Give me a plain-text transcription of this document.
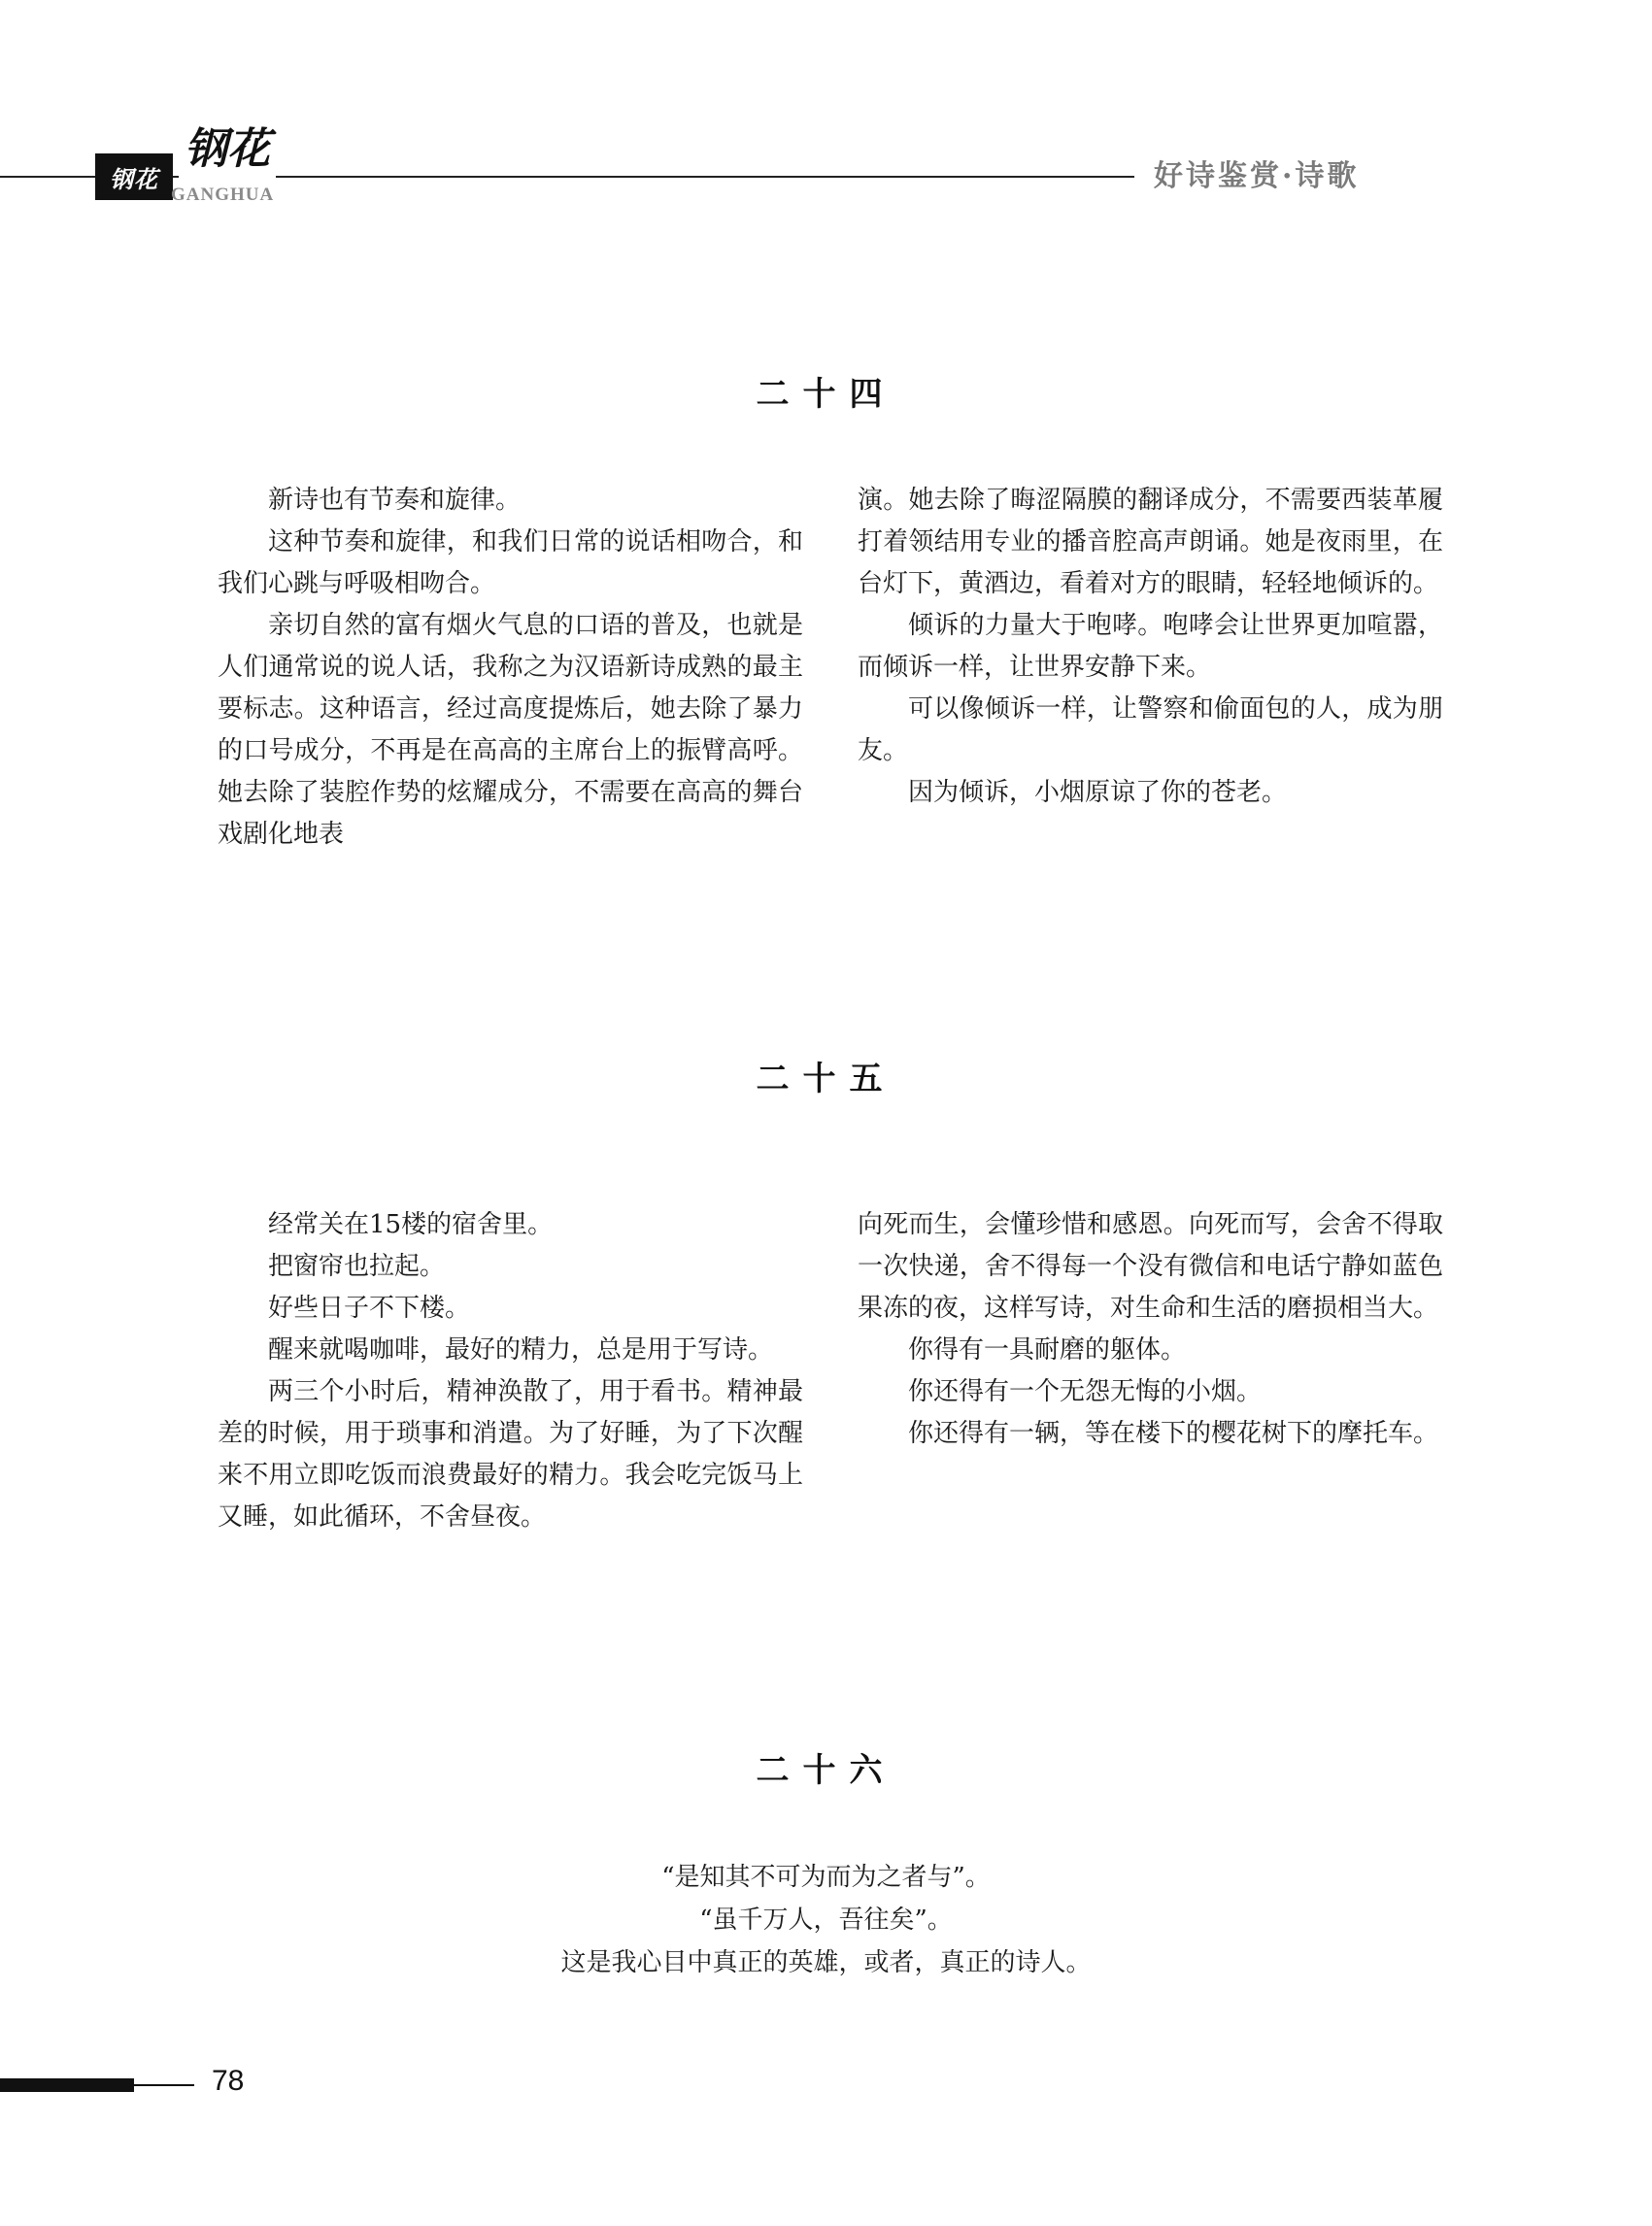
钢花
钢花
GANGHUA
好诗鉴赏·诗歌
二十四

新诗也有节奏和旋律。

这种节奏和旋律，和我们日常的说话相吻合，和我们心跳与呼吸相吻合。

亲切自然的富有烟火气息的口语的普及，也就是人们通常说的说人话，我称之为汉语新诗成熟的最主要标志。这种语言，经过高度提炼后，她去除了暴力的口号成分，不再是在高高的主席台上的振臂高呼。她去除了装腔作势的炫耀成分，不需要在高高的舞台戏剧化地表

演。她去除了晦涩隔膜的翻译成分，不需要西装革履打着领结用专业的播音腔高声朗诵。她是夜雨里，在台灯下，黄酒边，看着对方的眼睛，轻轻地倾诉的。

倾诉的力量大于咆哮。咆哮会让世界更加喧嚣，而倾诉一样，让世界安静下来。

可以像倾诉一样，让警察和偷面包的人，成为朋友。

因为倾诉，小烟原谅了你的苍老。

二十五

经常关在15楼的宿舍里。

把窗帘也拉起。

好些日子不下楼。

醒来就喝咖啡，最好的精力，总是用于写诗。

两三个小时后，精神涣散了，用于看书。精神最差的时候，用于琐事和消遣。为了好睡，为了下次醒来不用立即吃饭而浪费最好的精力。我会吃完饭马上又睡，如此循环，不舍昼夜。

向死而生，会懂珍惜和感恩。向死而写，会舍不得取一次快递，舍不得每一个没有微信和电话宁静如蓝色果冻的夜，这样写诗，对生命和生活的磨损相当大。

你得有一具耐磨的躯体。

你还得有一个无怨无悔的小烟。

你还得有一辆，等在楼下的樱花树下的摩托车。

二十六

“是知其不可为而为之者与”。

“虽千万人，吾往矣”。

这是我心目中真正的英雄，或者，真正的诗人。

78
